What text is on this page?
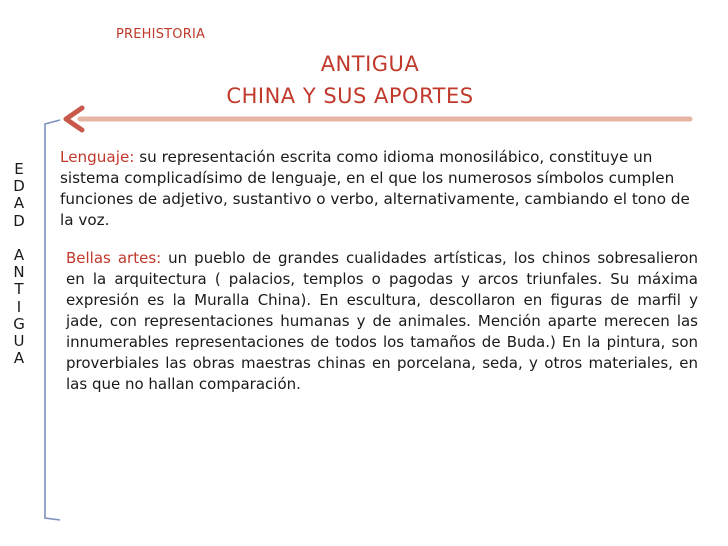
PREHISTORIA
ANTIGUA
CHINA Y SUS APORTES
E
D
A
D
A
N
T
I
G
U
A
Lenguaje: su representación escrita como idioma monosilábico, constituye un sistema complicadísimo de lenguaje, en el que los numerosos símbolos cumplen funciones de adjetivo, sustantivo o verbo, alternativamente, cambiando el tono de la voz.
Bellas artes: un pueblo de grandes cualidades artísticas, los chinos sobresalieron en la arquitectura ( palacios, templos o pagodas y arcos triunfales. Su máxima expresión es la Muralla China). En escultura, descollaron en figuras de marfil y jade, con representaciones humanas y de animales. Mención aparte merecen las innumerables representaciones de todos los tamaños de Buda.) En la pintura, son proverbiales las obras maestras chinas en porcelana, seda, y otros materiales, en las que no hallan comparación.
